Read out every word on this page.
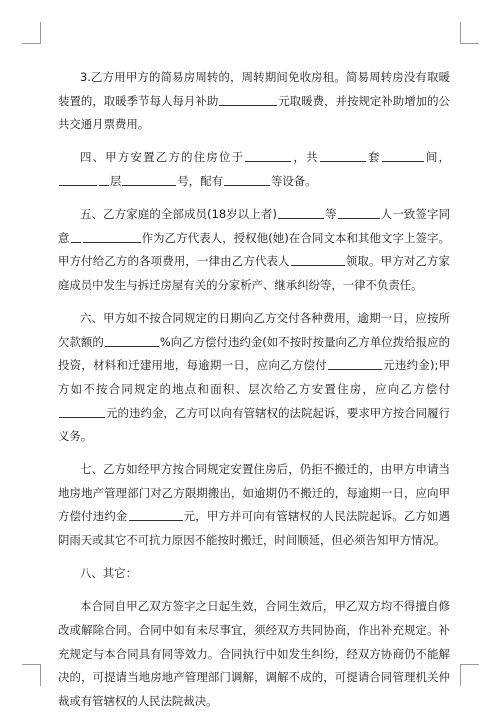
3.乙方用甲方的简易房周转的，周转期间免收房租。简易周转房没有取暖装置的，取暖季节每人每月补助	元取暖费，并按规定补助增加的公共交通月票费用。

四、甲方安置乙方的住房位于	，共	套	间，层	号，配有	等设备。

五、乙方家庭的全部成员(18岁以上者)	等	人一致签字同意	作为乙方代表人，授权他(她)在合同文本和其他文字上签字。甲方付给乙方的各项费用，一律由乙方代表人	领取。甲方对乙方家庭成员中发生与拆迁房屋有关的分家析产、继承纠纷等，一律不负责任。

六、甲方如不按合同规定的日期向乙方交付各种费用，逾期一日，应按所欠款额的	%向乙方偿付违约金(如不按时按量向乙方单位拨给报应的投资，材料和迁建用地，每逾期一日，应向乙方偿付	元违约金);甲方如不按合同规定的地点和面积、层次给乙方安置住房，应向乙方偿付元的违约金，乙方可以向有管辖权的法院起诉，要求甲方按合同履行义务。

七、乙方如经甲方按合同规定安置住房后，仍拒不搬迁的，由甲方申请当地房地产管理部门对乙方限期搬出，如逾期仍不搬迁的，每逾期一日，应向甲方偿付违约金	元，甲方并可向有管辖权的人民法院起诉。乙方如遇阴雨天或其它不可抗力原因不能按时搬迁，时间顺延，但必须告知甲方情况。

八、其它：

本合同自甲乙双方签字之日起生效，合同生效后，甲乙双方均不得擅自修改或解除合同。合同中如有未尽事宜，须经双方共同协商，作出补充规定。补充规定与本合同具有同等效力。合同执行中如发生纠纷，经双方协商仍不能解决的，可提请当地房地产管理部门调解，调解不成的，可提请合同管理机关仲裁或有管辖权的人民法院裁决。
